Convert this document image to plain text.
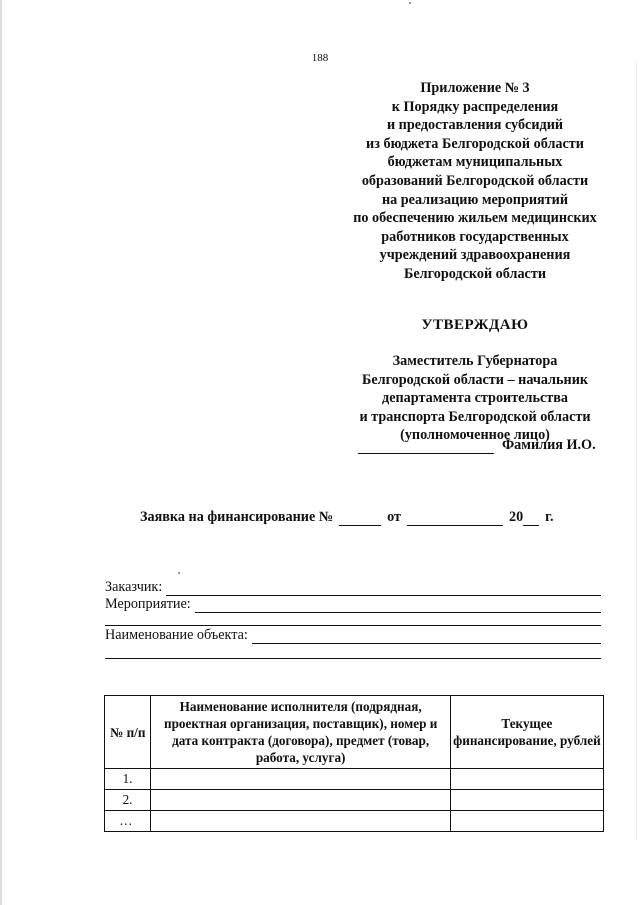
188
Приложение № 3
к Порядку распределения
и предоставления субсидий
из бюджета Белгородской области
бюджетам муниципальных
образований Белгородской области
на реализацию мероприятий
по обеспечению жильем медицинских
работников государственных
учреждений здравоохранения
Белгородской области
УТВЕРЖДАЮ
Заместитель Губернатора
Белгородской области – начальник
департамента строительства
и транспорта Белгородской области
(уполномоченное лицо)
Фамилия И.О.
Заявка на финансирование №	от	20 г.
Заказчик:
Мероприятие:
Наименование объекта:
№ п/п	Наименование исполнителя (подрядная, проектная организация, поставщик), номер и дата контракта (договора), предмет (товар, работа, услуга)	Текущее финансирование, рублей
1.		
2.		
…		
